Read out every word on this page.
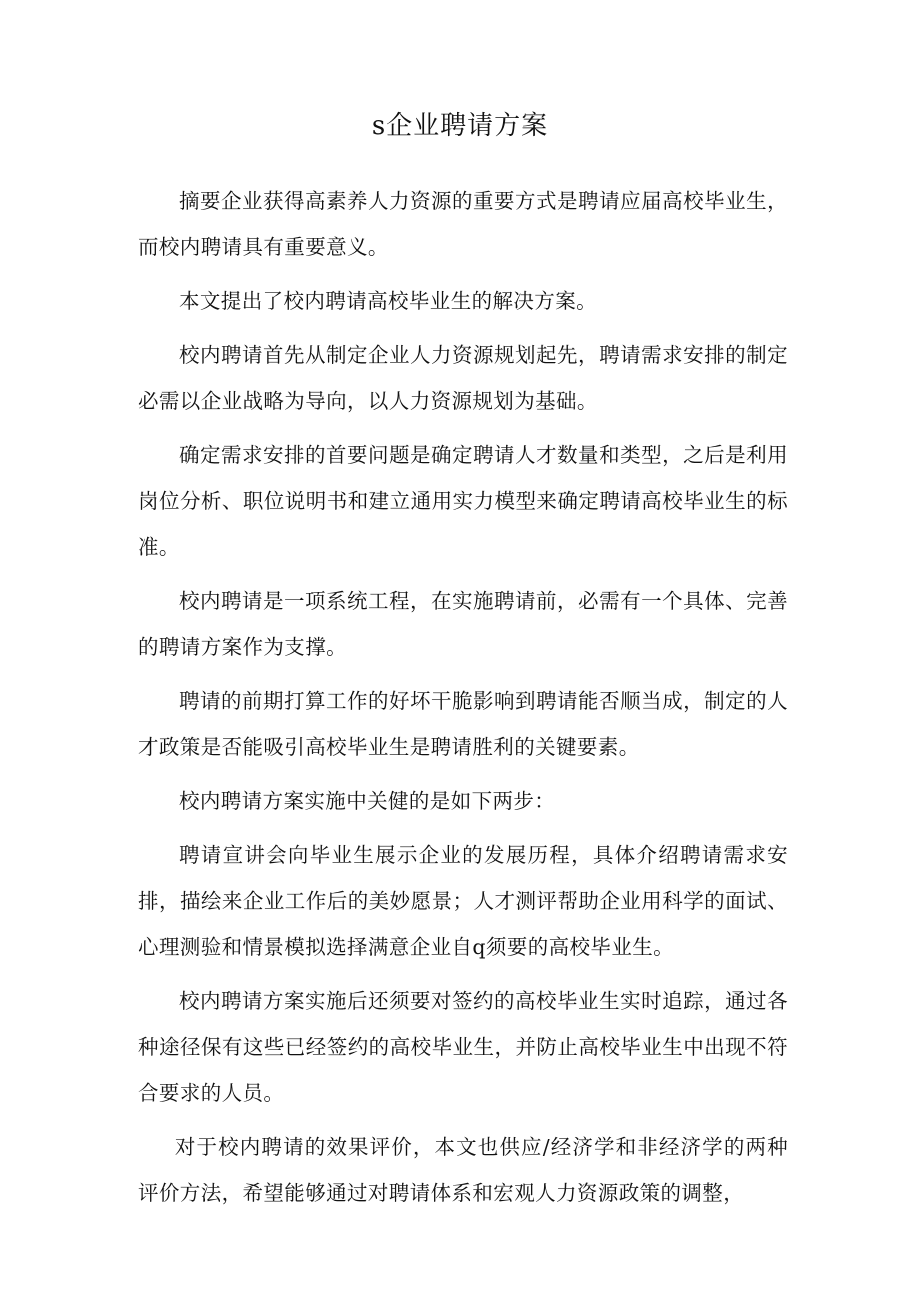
s企业聘请方案

摘要企业获得高素养人力资源的重要方式是聘请应届高校毕业生，而校内聘请具有重要意义。

本文提出了校内聘请高校毕业生的解决方案。

校内聘请首先从制定企业人力资源规划起先，聘请需求安排的制定必需以企业战略为导向，以人力资源规划为基础。

确定需求安排的首要问题是确定聘请人才数量和类型，之后是利用岗位分析、职位说明书和建立通用实力模型来确定聘请高校毕业生的标准。

校内聘请是一项系统工程，在实施聘请前，必需有一个具体、完善的聘请方案作为支撑。

聘请的前期打算工作的好坏干脆影响到聘请能否顺当成，制定的人才政策是否能吸引高校毕业生是聘请胜利的关键要素。

校内聘请方案实施中关健的是如下两步：

聘请宣讲会向毕业生展示企业的发展历程，具体介绍聘请需求安排，描绘来企业工作后的美妙愿景；人才测评帮助企业用科学的面试、心理测验和情景模拟选择满意企业自q须要的高校毕业生。

校内聘请方案实施后还须要对签约的高校毕业生实时追踪，通过各种途径保有这些已经签约的高校毕业生，并防止高校毕业生中出现不符合要求的人员。

对于校内聘请的效果评价，本文也供应/经济学和非经济学的两种评价方法，希望能够通过对聘请体系和宏观人力资源政策的调整，
